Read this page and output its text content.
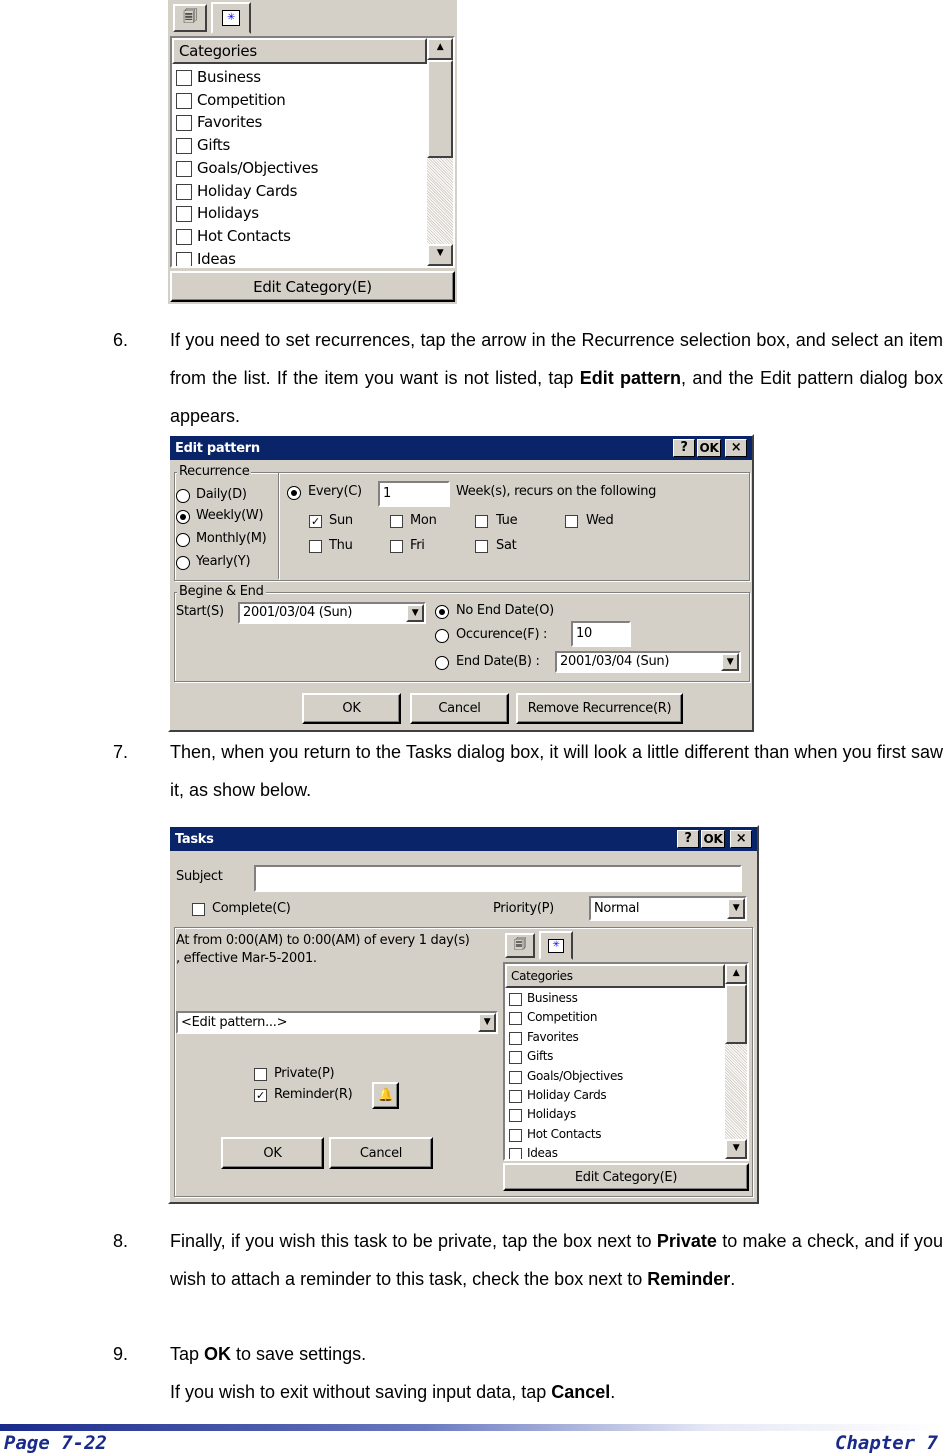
🗐	✳
Categories
Business
Competition
Favorites
Gifts
Goals/Objectives
Holiday Cards
Holidays
Hot Contacts
Ideas
▲
▼
Edit Category(E)
6. If you need to set recurrences, tap the arrow in the Recurrence selection box, and select an item from the list. If the item you want is not listed, tap Edit pattern, and the Edit pattern dialog box appears.
Edit pattern	? OK ×
Recurrence
Daily(D)
Weekly(W)
Monthly(M)
Yearly(Y)
Every(C)	1	Week(s), recurs on the following
✓ Sun	Mon	Tue	Wed
Thu	Fri	Sat
Begine & End
Start(S)	2001/03/04 (Sun)	▼	No End Date(O)
Occurence(F) :	10
End Date(B) :	2001/03/04 (Sun)	▼
OK	Cancel	Remove Recurrence(R)
7. Then, when you return to the Tasks dialog box, it will look a little different than when you first saw it, as show below.
Tasks	? OK	×
Subject
Complete(C)	Priority(P)	Normal	▼
At from 0:00(AM) to 0:00(AM) of every 1 day(s)
, effective Mar-5-2001.
<Edit pattern...>	▼
Private(P)
✓ Reminder(R) 🔔
OK	Cancel
🗐	✳
Categories
Business
Competition
Favorites
Gifts
Goals/Objectives
Holiday Cards
Holidays
Hot Contacts
Ideas
▲
▼
Edit Category(E)
8. Finally, if you wish this task to be private, tap the box next to Private to make a check, and if you wish to attach a reminder to this task, check the box next to Reminder.
9. Tap OK to save settings.
If you wish to exit without saving input data, tap Cancel.
Page 7-22	Chapter 7
